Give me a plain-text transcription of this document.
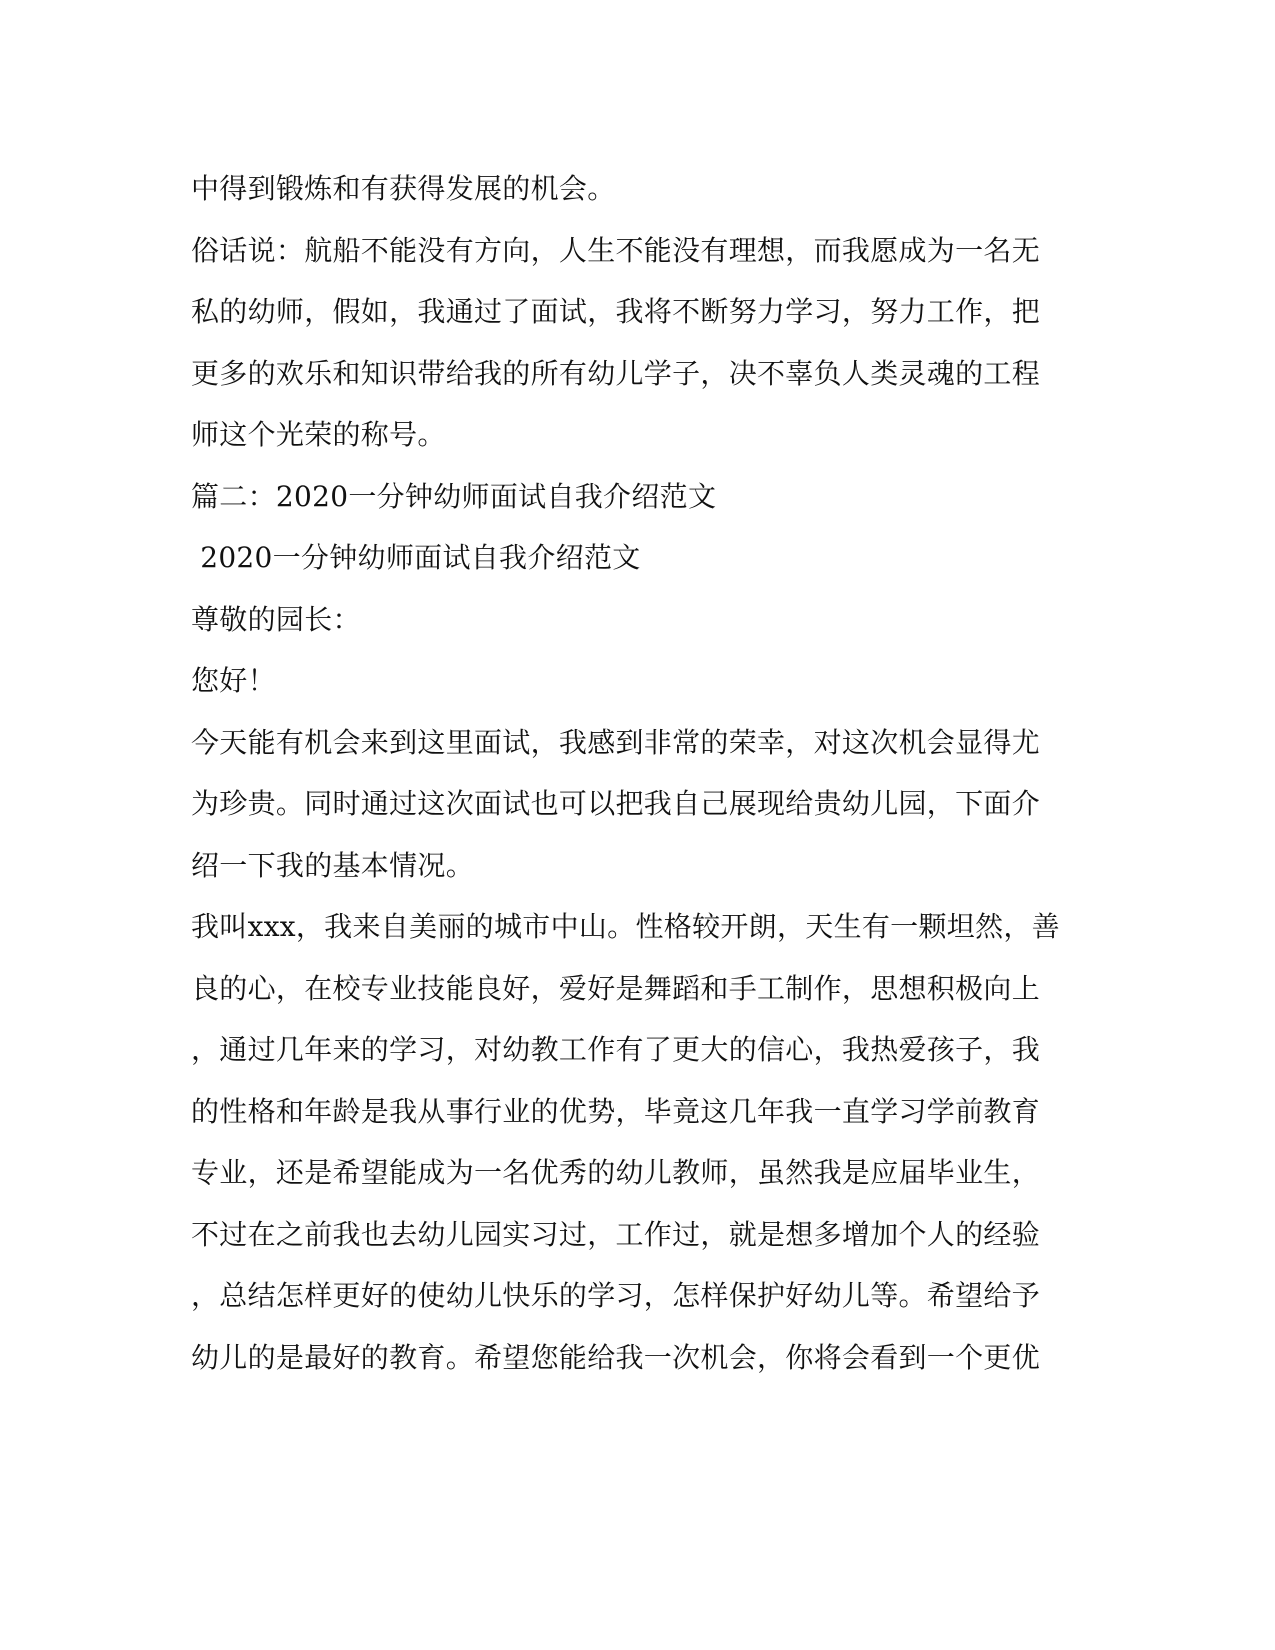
中得到锻炼和有获得发展的机会。
俗话说：航船不能没有方向，人生不能没有理想，而我愿成为一名无
私的幼师，假如，我通过了面试，我将不断努力学习，努力工作，把
更多的欢乐和知识带给我的所有幼儿学子，决不辜负人类灵魂的工程
师这个光荣的称号。
篇二：2020一分钟幼师面试自我介绍范文
2020一分钟幼师面试自我介绍范文
尊敬的园长：
您好！
今天能有机会来到这里面试，我感到非常的荣幸，对这次机会显得尤
为珍贵。同时通过这次面试也可以把我自己展现给贵幼儿园，下面介
绍一下我的基本情况。
我叫xxx，我来自美丽的城市中山。性格较开朗，天生有一颗坦然，善
良的心，在校专业技能良好，爱好是舞蹈和手工制作，思想积极向上
，通过几年来的学习，对幼教工作有了更大的信心，我热爱孩子，我
的性格和年龄是我从事行业的优势，毕竟这几年我一直学习学前教育
专业，还是希望能成为一名优秀的幼儿教师，虽然我是应届毕业生，
不过在之前我也去幼儿园实习过，工作过，就是想多增加个人的经验
，总结怎样更好的使幼儿快乐的学习，怎样保护好幼儿等。希望给予
幼儿的是最好的教育。希望您能给我一次机会，你将会看到一个更优
